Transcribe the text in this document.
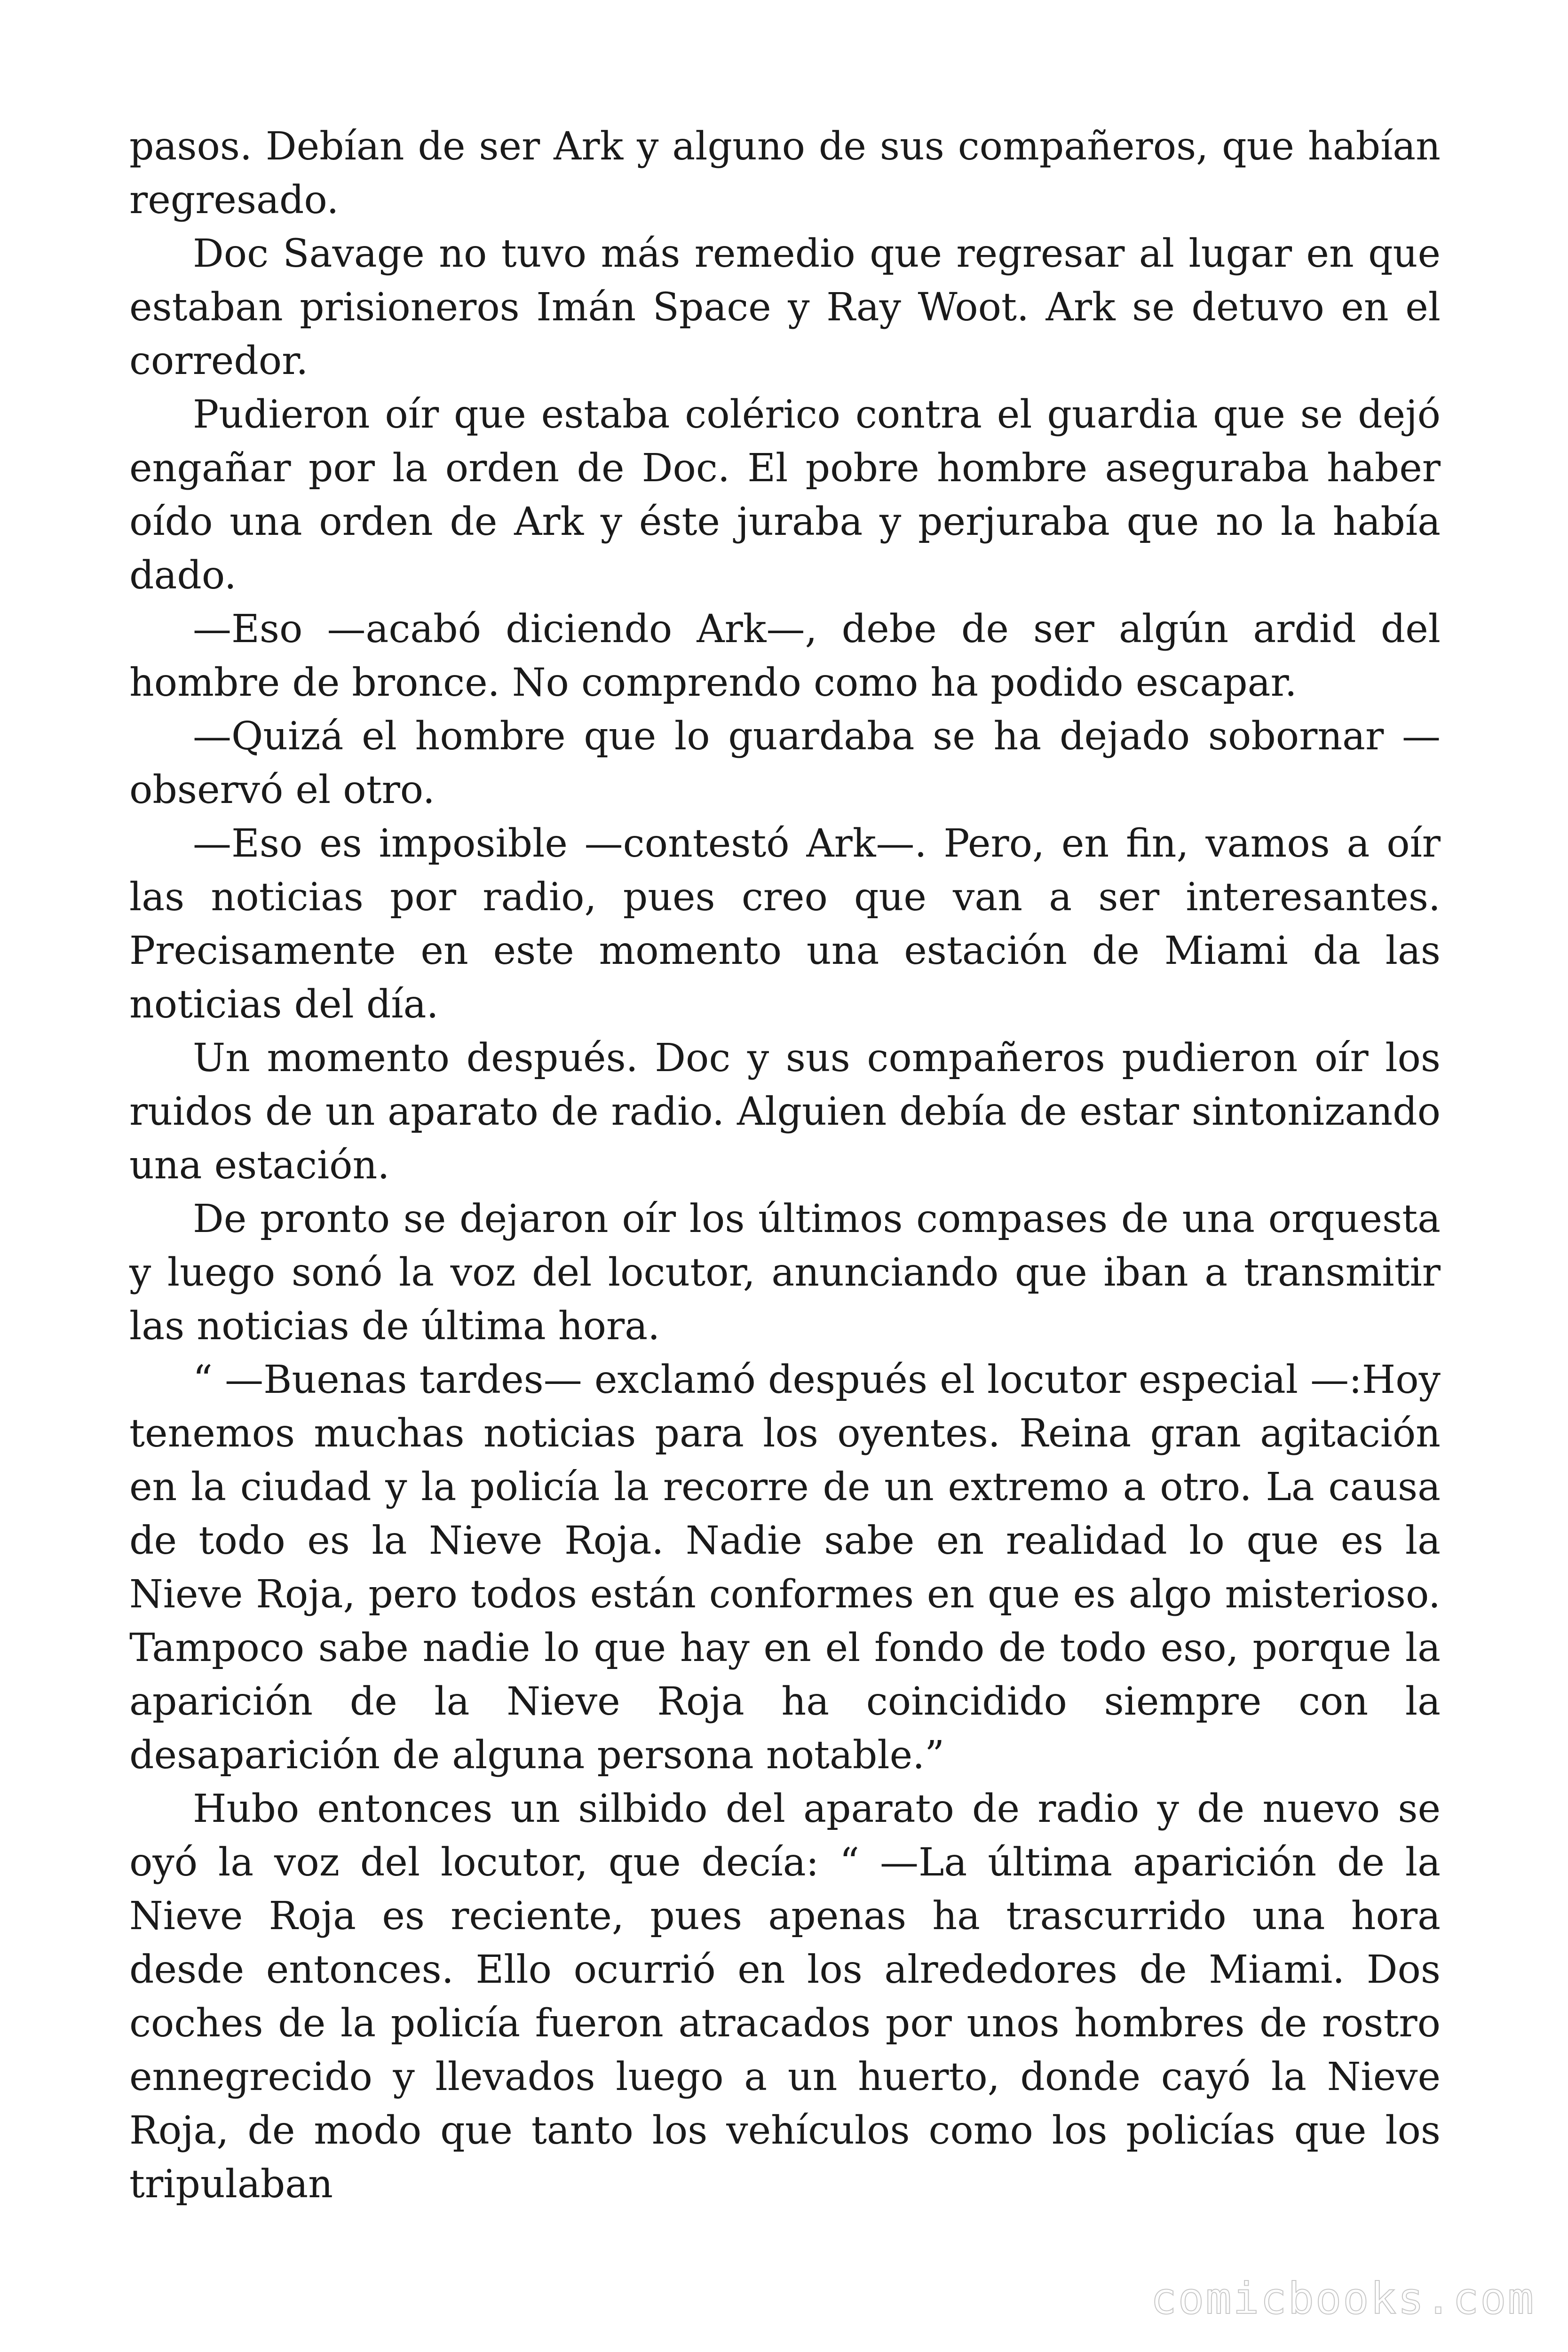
pasos. Debían de ser Ark y alguno de sus compañeros, que habían regresado.

Doc Savage no tuvo más remedio que regresar al lugar en que estaban prisioneros Imán Space y Ray Woot. Ark se detuvo en el corredor.

Pudieron oír que estaba colérico contra el guardia que se dejó engañar por la orden de Doc. El pobre hombre aseguraba haber oído una orden de Ark y éste juraba y perjuraba que no la había dado.

—Eso —acabó diciendo Ark—, debe de ser algún ardid del hombre de bronce. No comprendo como ha podido escapar.

—Quizá el hombre que lo guardaba se ha dejado sobornar —observó el otro.

—Eso es imposible —contestó Ark—. Pero, en fin, vamos a oír las noticias por radio, pues creo que van a ser interesantes. Precisamente en este momento una estación de Miami da las noticias del día.

Un momento después. Doc y sus compañeros pudieron oír los ruidos de un aparato de radio. Alguien debía de estar sintonizando una estación.

De pronto se dejaron oír los últimos compases de una orquesta y luego sonó la voz del locutor, anunciando que iban a transmitir las noticias de última hora.

“ —Buenas tardes— exclamó después el locutor especial —:Hoy tenemos muchas noticias para los oyentes. Reina gran agitación en la ciudad y la policía la recorre de un extremo a otro. La causa de todo es la Nieve Roja. Nadie sabe en realidad lo que es la Nieve Roja, pero todos están conformes en que es algo misterioso. Tampoco sabe nadie lo que hay en el fondo de todo eso, porque la aparición de la Nieve Roja ha coincidido siempre con la desaparición de alguna persona notable.”

Hubo entonces un silbido del aparato de radio y de nuevo se oyó la voz del locutor, que decía: “ —La última aparición de la Nieve Roja es reciente, pues apenas ha trascurrido una hora desde entonces. Ello ocurrió en los alrededores de Miami. Dos coches de la policía fueron atracados por unos hombres de rostro ennegrecido y llevados luego a un huerto, donde cayó la Nieve Roja, de modo que tanto los vehículos como los policías que los tripulaban

comicbooks.com
